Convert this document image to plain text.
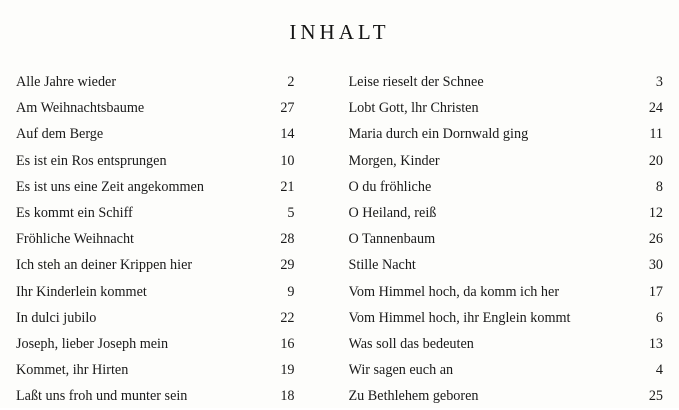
INHALT
Alle Jahre wieder	2
Am Weihnachtsbaume	27
Auf dem Berge	14
Es ist ein Ros entsprungen	10
Es ist uns eine Zeit angekommen	21
Es kommt ein Schiff	5
Fröhliche Weihnacht	28
Ich steh an deiner Krippen hier	29
Ihr Kinderlein kommet	9
In dulci jubilo	22
Joseph, lieber Joseph mein	16
Kommet, ihr Hirten	19
Laßt uns froh und munter sein	18
Leise rieselt der Schnee	3
Lobt Gott, lhr Christen	24
Maria durch ein Dornwald ging	11
Morgen, Kinder	20
O du fröhliche	8
O Heiland, reiß	12
O Tannenbaum	26
Stille Nacht	30
Vom Himmel hoch, da komm ich her	17
Vom Himmel hoch, ihr Englein kommt	6
Was soll das bedeuten	13
Wir sagen euch an	4
Zu Bethlehem geboren	25
